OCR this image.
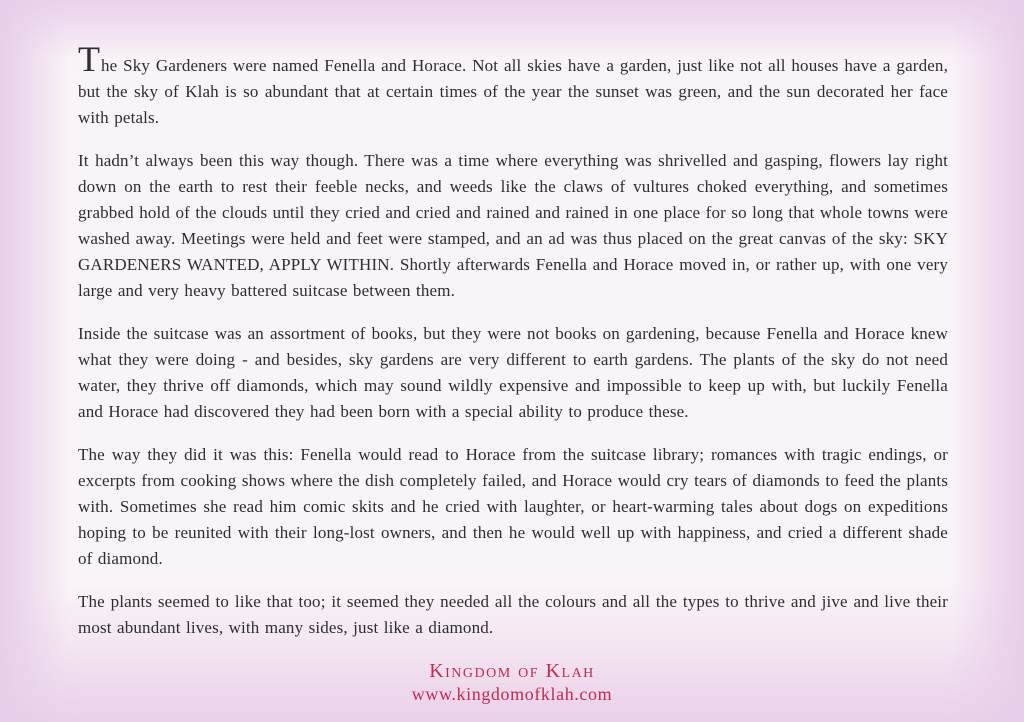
The Sky Gardeners were named Fenella and Horace. Not all skies have a garden, just like not all houses have a garden, but the sky of Klah is so abundant that at certain times of the year the sunset was green, and the sun decorated her face with petals.

It hadn’t always been this way though. There was a time where everything was shrivelled and gasping, flowers lay right down on the earth to rest their feeble necks, and weeds like the claws of vultures choked everything, and sometimes grabbed hold of the clouds until they cried and cried and rained and rained in one place for so long that whole towns were washed away. Meetings were held and feet were stamped, and an ad was thus placed on the great canvas of the sky: SKY GARDENERS WANTED, APPLY WITHIN. Shortly afterwards Fenella and Horace moved in, or rather up, with one very large and very heavy battered suitcase between them.

Inside the suitcase was an assortment of books, but they were not books on gardening, because Fenella and Horace knew what they were doing - and besides, sky gardens are very different to earth gardens. The plants of the sky do not need water, they thrive off diamonds, which may sound wildly expensive and impossible to keep up with, but luckily Fenella and Horace had discovered they had been born with a special ability to produce these.

The way they did it was this: Fenella would read to Horace from the suitcase library; romances with tragic endings, or excerpts from cooking shows where the dish completely failed, and Horace would cry tears of diamonds to feed the plants with. Sometimes she read him comic skits and he cried with laughter, or heart-warming tales about dogs on expeditions hoping to be reunited with their long-lost owners, and then he would well up with happiness, and cried a different shade of diamond.

The plants seemed to like that too; it seemed they needed all the colours and all the types to thrive and jive and live their most abundant lives, with many sides, just like a diamond.

Kingdom of Klah
www.kingdomofklah.com
